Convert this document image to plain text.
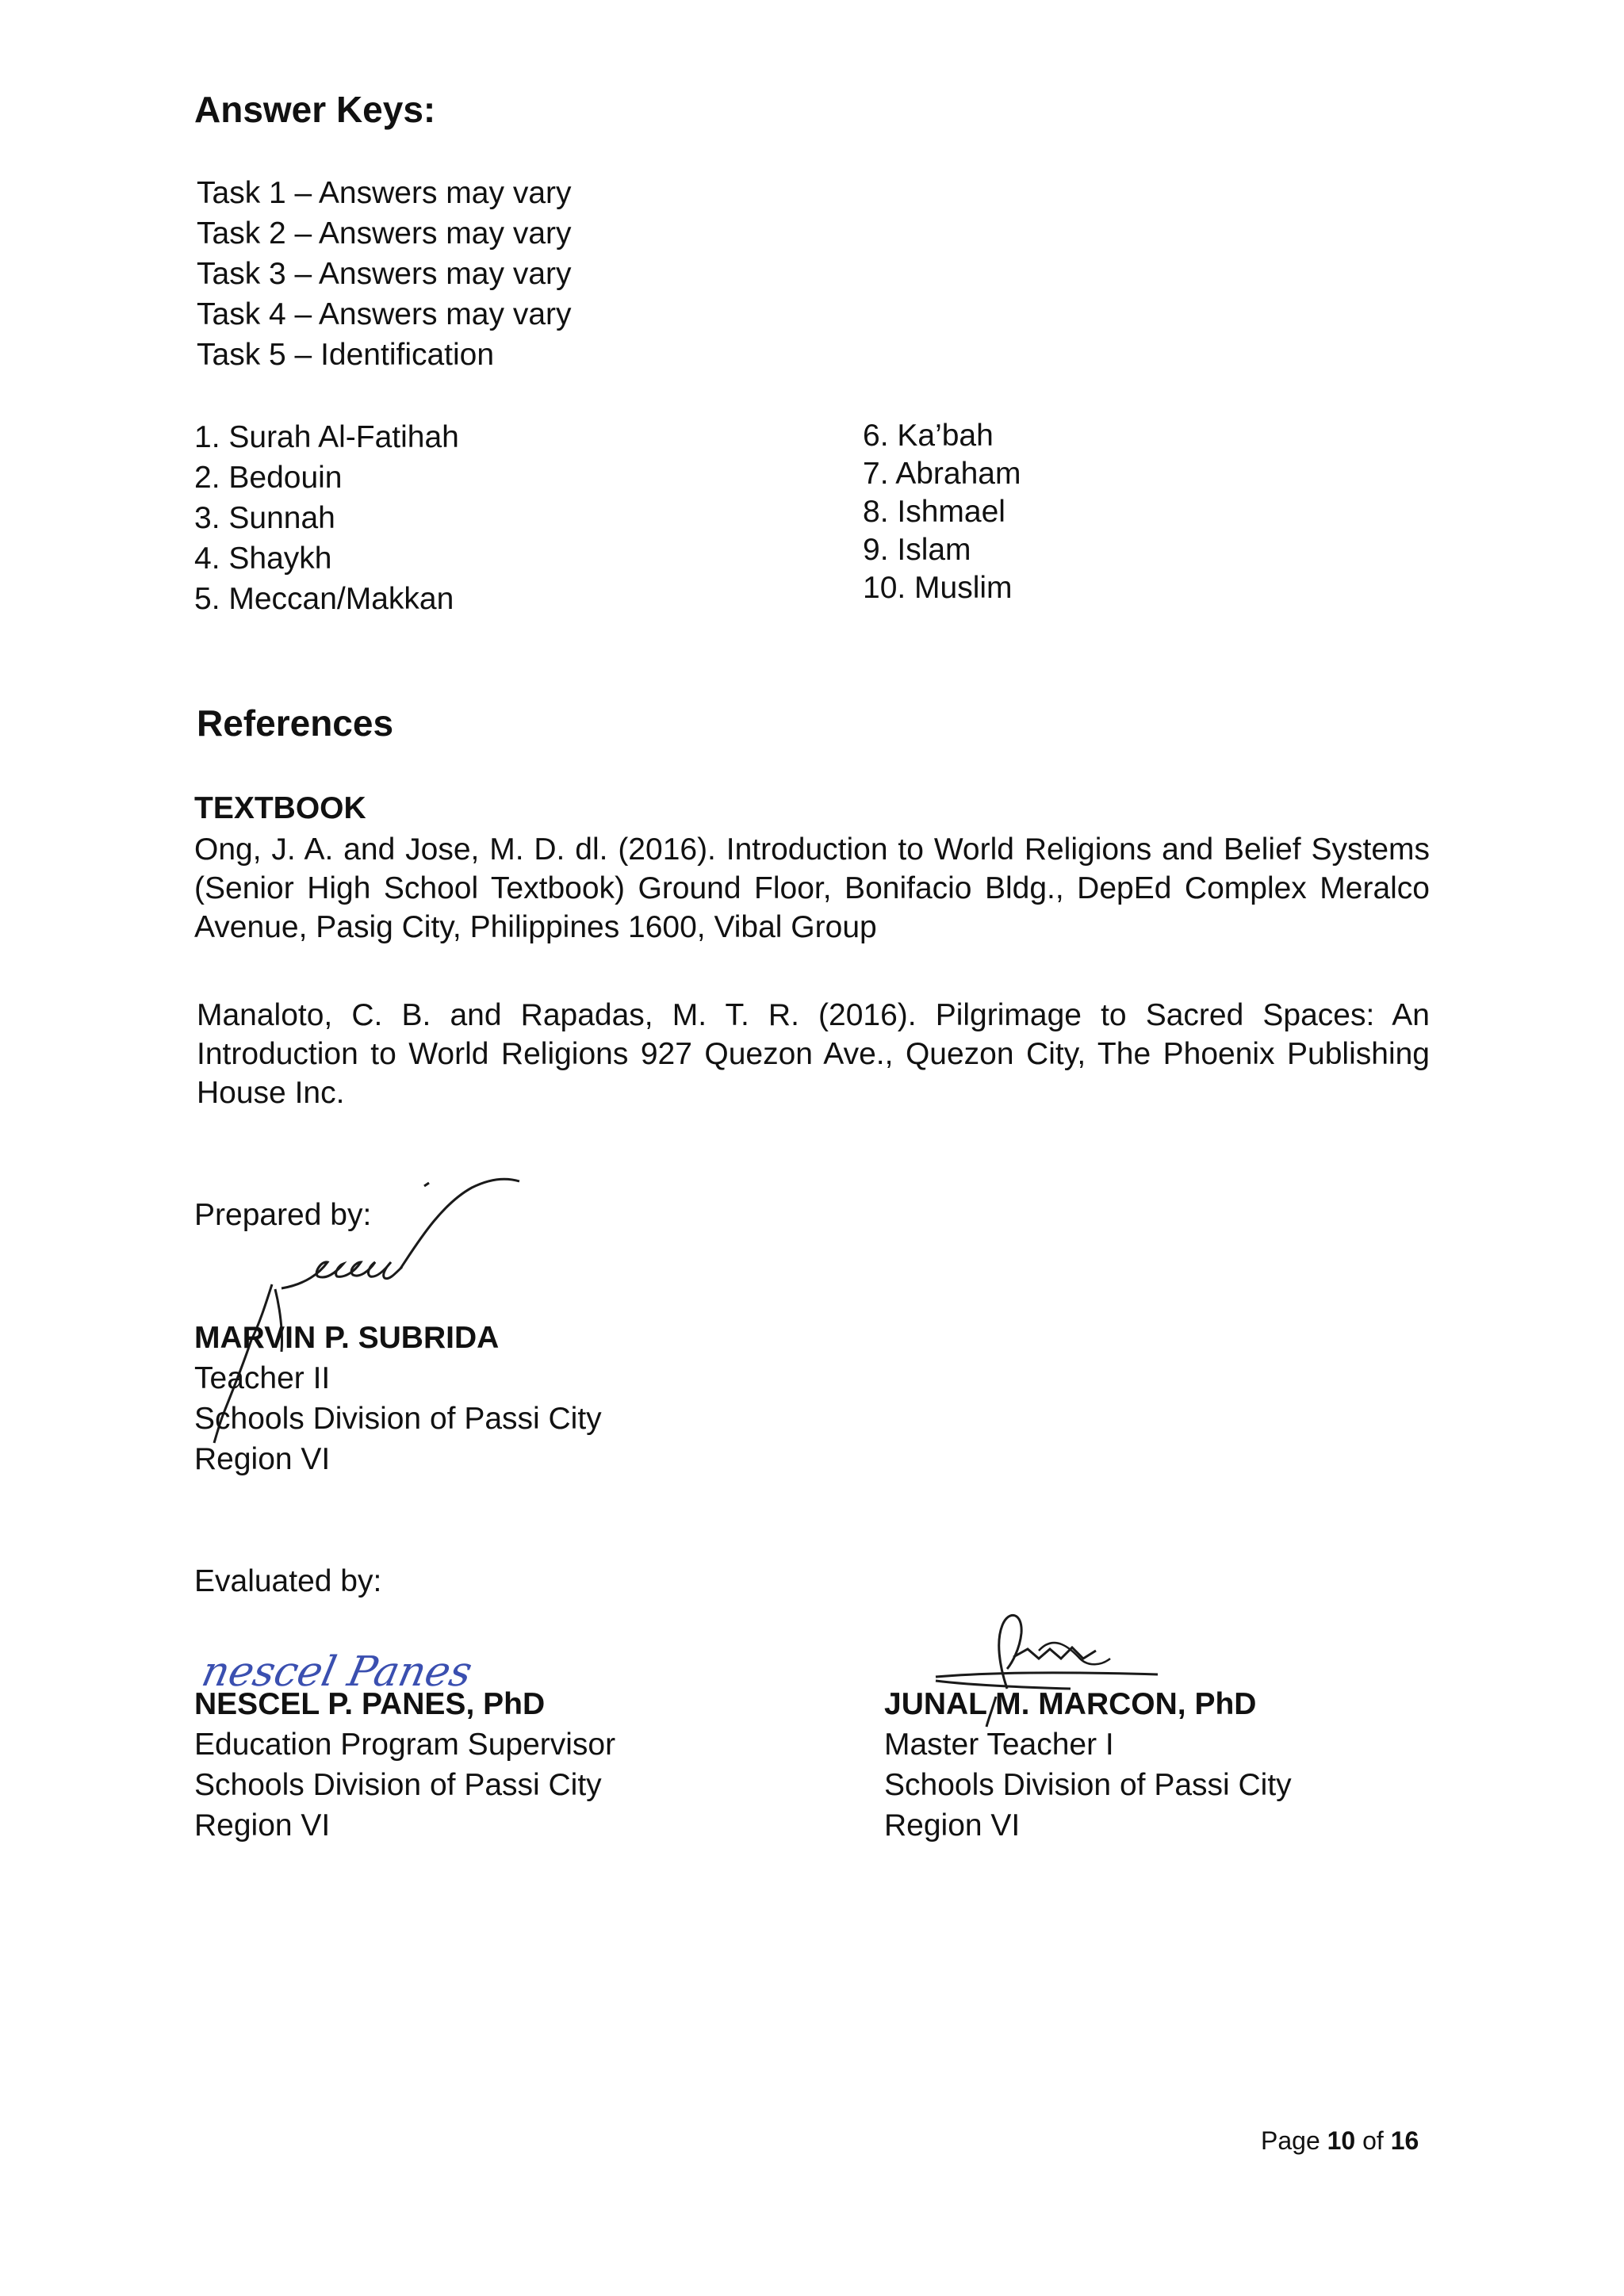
Answer Keys:
Task 1 – Answers may vary
Task 2 – Answers may vary
Task 3 – Answers may vary
Task 4 – Answers may vary
Task 5 – Identification
1. Surah Al-Fatihah
2. Bedouin
3. Sunnah
4. Shaykh
5. Meccan/Makkan
6. Ka’bah
7. Abraham
8. Ishmael
9. Islam
10. Muslim
References
TEXTBOOK
Ong, J. A. and Jose, M. D. dl. (2016). Introduction to World Religions and Belief Systems (Senior High School Textbook) Ground Floor, Bonifacio Bldg., DepEd Complex Meralco Avenue, Pasig City, Philippines 1600, Vibal Group
Manaloto, C. B. and Rapadas, M. T. R. (2016). Pilgrimage to Sacred Spaces: An Introduction to World Religions 927 Quezon Ave., Quezon City, The Phoenix Publishing House Inc.
Prepared by:
MARVIN P. SUBRIDA
Teacher II
Schools Division of Passi City
Region VI
Evaluated by:
nescel Panes
NESCEL P. PANES, PhD
Education Program Supervisor
Schools Division of Passi City
Region VI
JUNAL M. MARCON, PhD
Master Teacher I
Schools Division of Passi City
Region VI
Page 10 of 16
